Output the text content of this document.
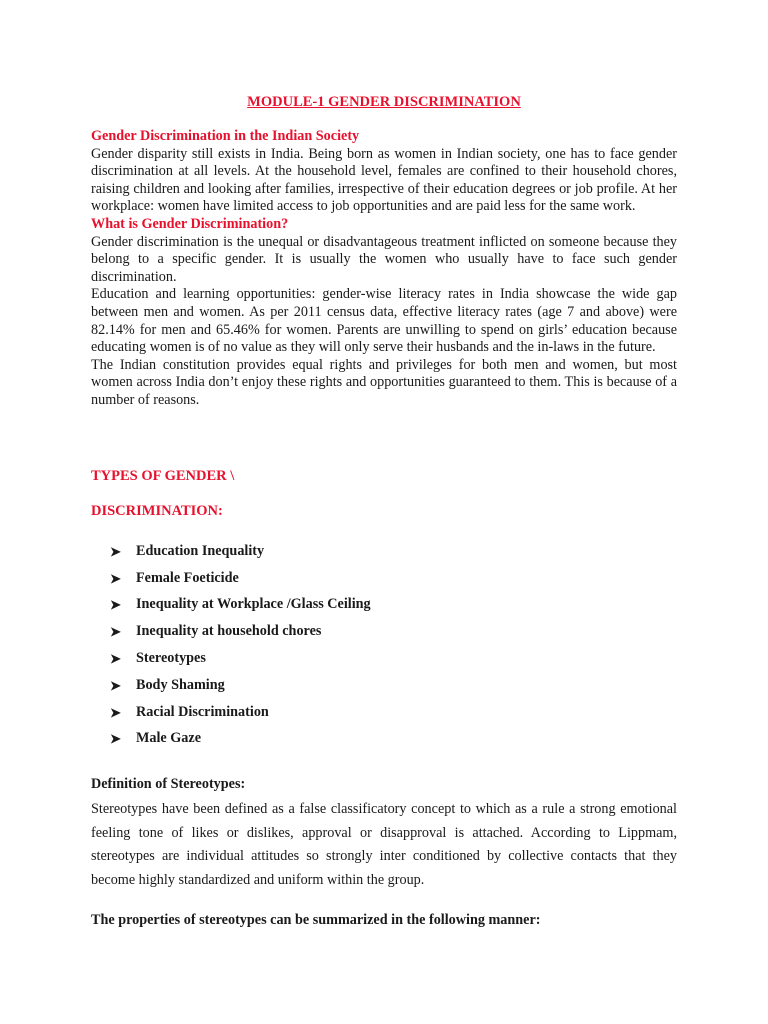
MODULE-1 GENDER DISCRIMINATION

Gender Discrimination in the Indian Society

Gender disparity still exists in India. Being born as women in Indian society, one has to face gender discrimination at all levels. At the household level, females are confined to their household chores, raising children and looking after families, irrespective of their education degrees or job profile. At her workplace: women have limited access to job opportunities and are paid less for the same work.

What is Gender Discrimination?

Gender discrimination is the unequal or disadvantageous treatment inflicted on someone because they belong to a specific gender. It is usually the women who usually have to face such gender discrimination.

Education and learning opportunities: gender-wise literacy rates in India showcase the wide gap between men and women. As per 2011 census data, effective literacy rates (age 7 and above) were 82.14% for men and 65.46% for women. Parents are unwilling to spend on girls’ education because educating women is of no value as they will only serve their husbands and the in-laws in the future.

The Indian constitution provides equal rights and privileges for both men and women, but most women across India don’t enjoy these rights and opportunities guaranteed to them. This is because of a number of reasons.

TYPES OF GENDER \
DISCRIMINATION:
➤ Education Inequality
➤ Female Foeticide
➤ Inequality at Workplace /Glass Ceiling
➤ Inequality at household chores
➤ Stereotypes
➤ Body Shaming
➤ Racial Discrimination
➤ Male Gaze
Definition of Stereotypes:

Stereotypes have been defined as a false classificatory concept to which as a rule a strong emotional feeling tone of likes or dislikes, approval or disapproval is attached. According to Lippmam, stereotypes are individual attitudes so strongly inter conditioned by collective contacts that they become highly standardized and uniform within the group.

The properties of stereotypes can be summarized in the following manner:
